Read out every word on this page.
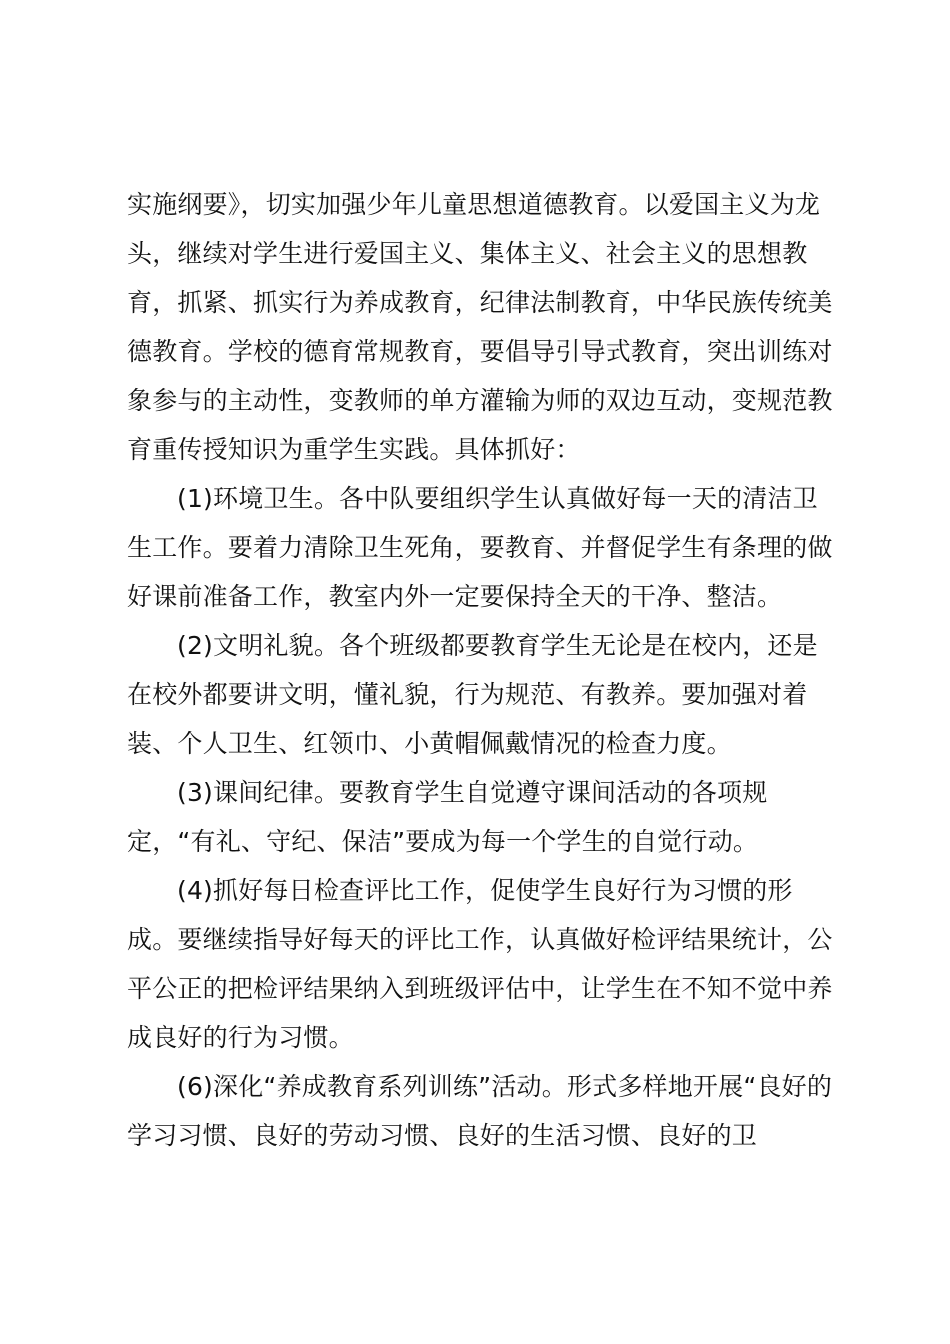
实施纲要》，切实加强少年儿童思想道德教育。以爱国主义为龙头，继续对学生进行爱国主义、集体主义、社会主义的思想教育，抓紧、抓实行为养成教育，纪律法制教育，中华民族传统美德教育。学校的德育常规教育，要倡导引导式教育，突出训练对象参与的主动性，变教师的单方灌输为师的双边互动，变规范教育重传授知识为重学生实践。具体抓好：

(1)环境卫生。各中队要组织学生认真做好每一天的清洁卫生工作。要着力清除卫生死角，要教育、并督促学生有条理的做好课前准备工作，教室内外一定要保持全天的干净、整洁。

(2)文明礼貌。各个班级都要教育学生无论是在校内，还是在校外都要讲文明，懂礼貌，行为规范、有教养。要加强对着装、个人卫生、红领巾、小黄帽佩戴情况的检查力度。

(3)课间纪律。要教育学生自觉遵守课间活动的各项规定，“有礼、守纪、保洁”要成为每一个学生的自觉行动。

(4)抓好每日检查评比工作，促使学生良好行为习惯的形成。要继续指导好每天的评比工作，认真做好检评结果统计，公平公正的把检评结果纳入到班级评估中，让学生在不知不觉中养成良好的行为习惯。

(6)深化“养成教育系列训练”活动。形式多样地开展“良好的学习习惯、良好的劳动习惯、良好的生活习惯、良好的卫
